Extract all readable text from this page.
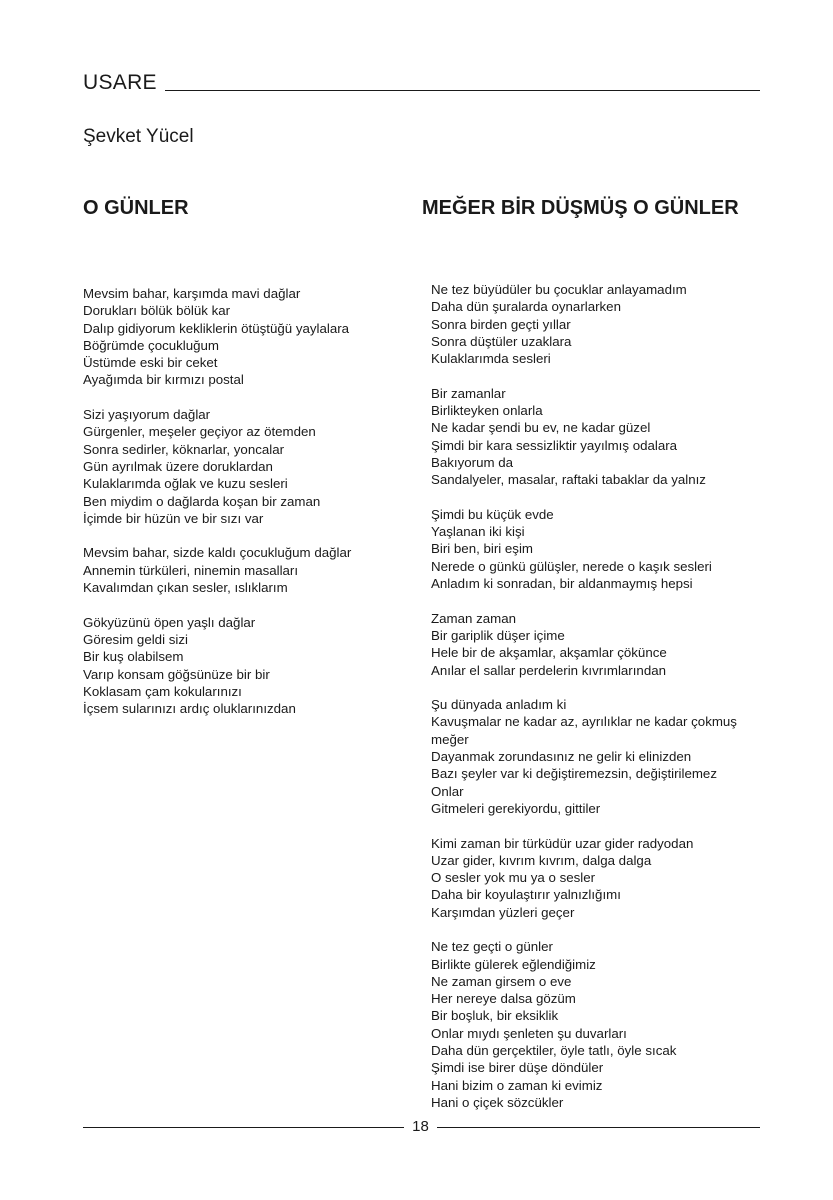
USARE
Şevket Yücel
O GÜNLER	MEĞER BİR DÜŞMÜŞ O GÜNLER
Mevsim bahar, karşımda mavi dağlar
Dorukları bölük bölük kar
Dalıp gidiyorum kekliklerin ötüştüğü yaylalara
Böğrümde çocukluğum
Üstümde eski bir ceket
Ayağımda bir kırmızı postal
Sizi yaşıyorum dağlar
Gürgenler, meşeler geçiyor az ötemden
Sonra sedirler, köknarlar, yoncalar
Gün ayrılmak üzere doruklardan
Kulaklarımda oğlak ve kuzu sesleri
Ben miydim o dağlarda koşan bir zaman
İçimde bir hüzün ve bir sızı var
Mevsim bahar, sizde kaldı çocukluğum dağlar
Annemin türküleri, ninemin masalları
Kavalımdan çıkan sesler, ıslıklarım
Gökyüzünü öpen yaşlı dağlar
Göresim geldi sizi
Bir kuş olabilsem
Varıp konsam göğsünüze bir bir
Koklasam çam kokularınızı
İçsem sularınızı ardıç oluklarınızdan
Ne tez büyüdüler bu çocuklar anlayamadım
Daha dün şuralarda oynarlarken
Sonra birden geçti yıllar
Sonra düştüler uzaklara
Kulaklarımda sesleri
Bir zamanlar
Birlikteyken onlarla
Ne kadar şendi bu ev, ne kadar güzel
Şimdi bir kara sessizliktir yayılmış odalara
Bakıyorum da
Sandalyeler, masalar, raftaki tabaklar da yalnız
Şimdi bu küçük evde
Yaşlanan iki kişi
Biri ben, biri eşim
Nerede o günkü gülüşler, nerede o kaşık sesleri
Anladım ki sonradan, bir aldanmaymış hepsi
Zaman zaman
Bir gariplik düşer içime
Hele bir de akşamlar, akşamlar çökünce
Anılar el sallar perdelerin kıvrımlarından
Şu dünyada anladım ki
Kavuşmalar ne kadar az, ayrılıklar ne kadar çokmuş
meğer
Dayanmak zorundasınız ne gelir ki elinizden
Bazı şeyler var ki değiştiremezsin, değiştirilemez
Onlar
Gitmeleri gerekiyordu, gittiler
Kimi zaman bir türküdür uzar gider radyodan
Uzar gider, kıvrım kıvrım, dalga dalga
O sesler yok mu ya o sesler
Daha bir koyulaştırır yalnızlığımı
Karşımdan yüzleri geçer
Ne tez geçti o günler
Birlikte gülerek eğlendiğimiz
Ne zaman girsem o eve
Her nereye dalsa gözüm
Bir boşluk, bir eksiklik
Onlar mıydı şenleten şu duvarları
Daha dün gerçektiler, öyle tatlı, öyle sıcak
Şimdi ise birer düşe döndüler
Hani bizim o zaman ki evimiz
Hani o çiçek sözcükler
18
